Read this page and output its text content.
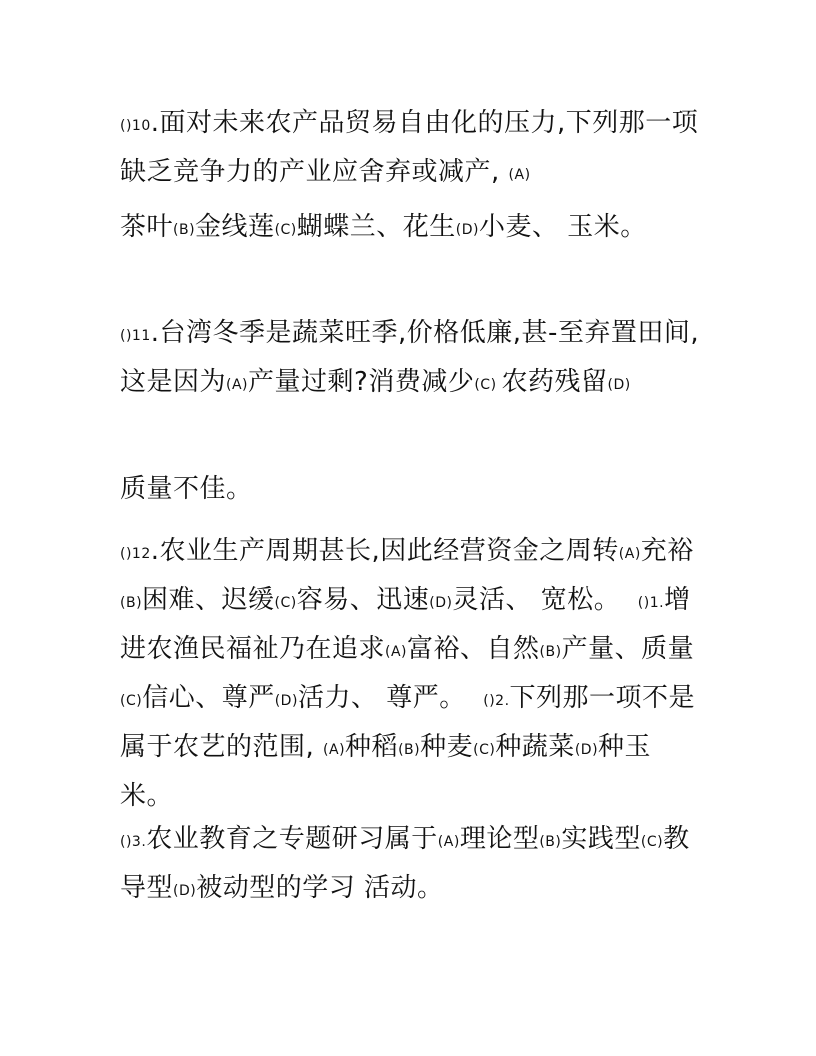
()10.面对未来农产品贸易自由化的压力,下列那一项缺乏竞争力的产业应舍弃或减产, (A)
茶叶(B)金线莲(C)蝴蝶兰、花生(D)小麦、 玉米。
()11.台湾冬季是蔬菜旺季,价格低廉,甚-至弃置田间,这是因为(A)产量过剩?消费减少(C) 农药残留(D)
质量不佳。
()12.农业生产周期甚长,因此经营资金之周转(A)充裕(B)困难、迟缓(C)容易、迅速(D)灵活、 宽松。  ()1.增进农渔民福祉乃在追求(A)富裕、自然(B)产量、质量(C)信心、尊严(D)活力、 尊严。  ()2.下列那一项不是属于农艺的范围, (A)种稻(B)种麦(C)种蔬菜(D)种玉米。
()3.农业教育之专题研习属于(A)理论型(B)实践型(C)教导型(D)被动型的学习 活动。
